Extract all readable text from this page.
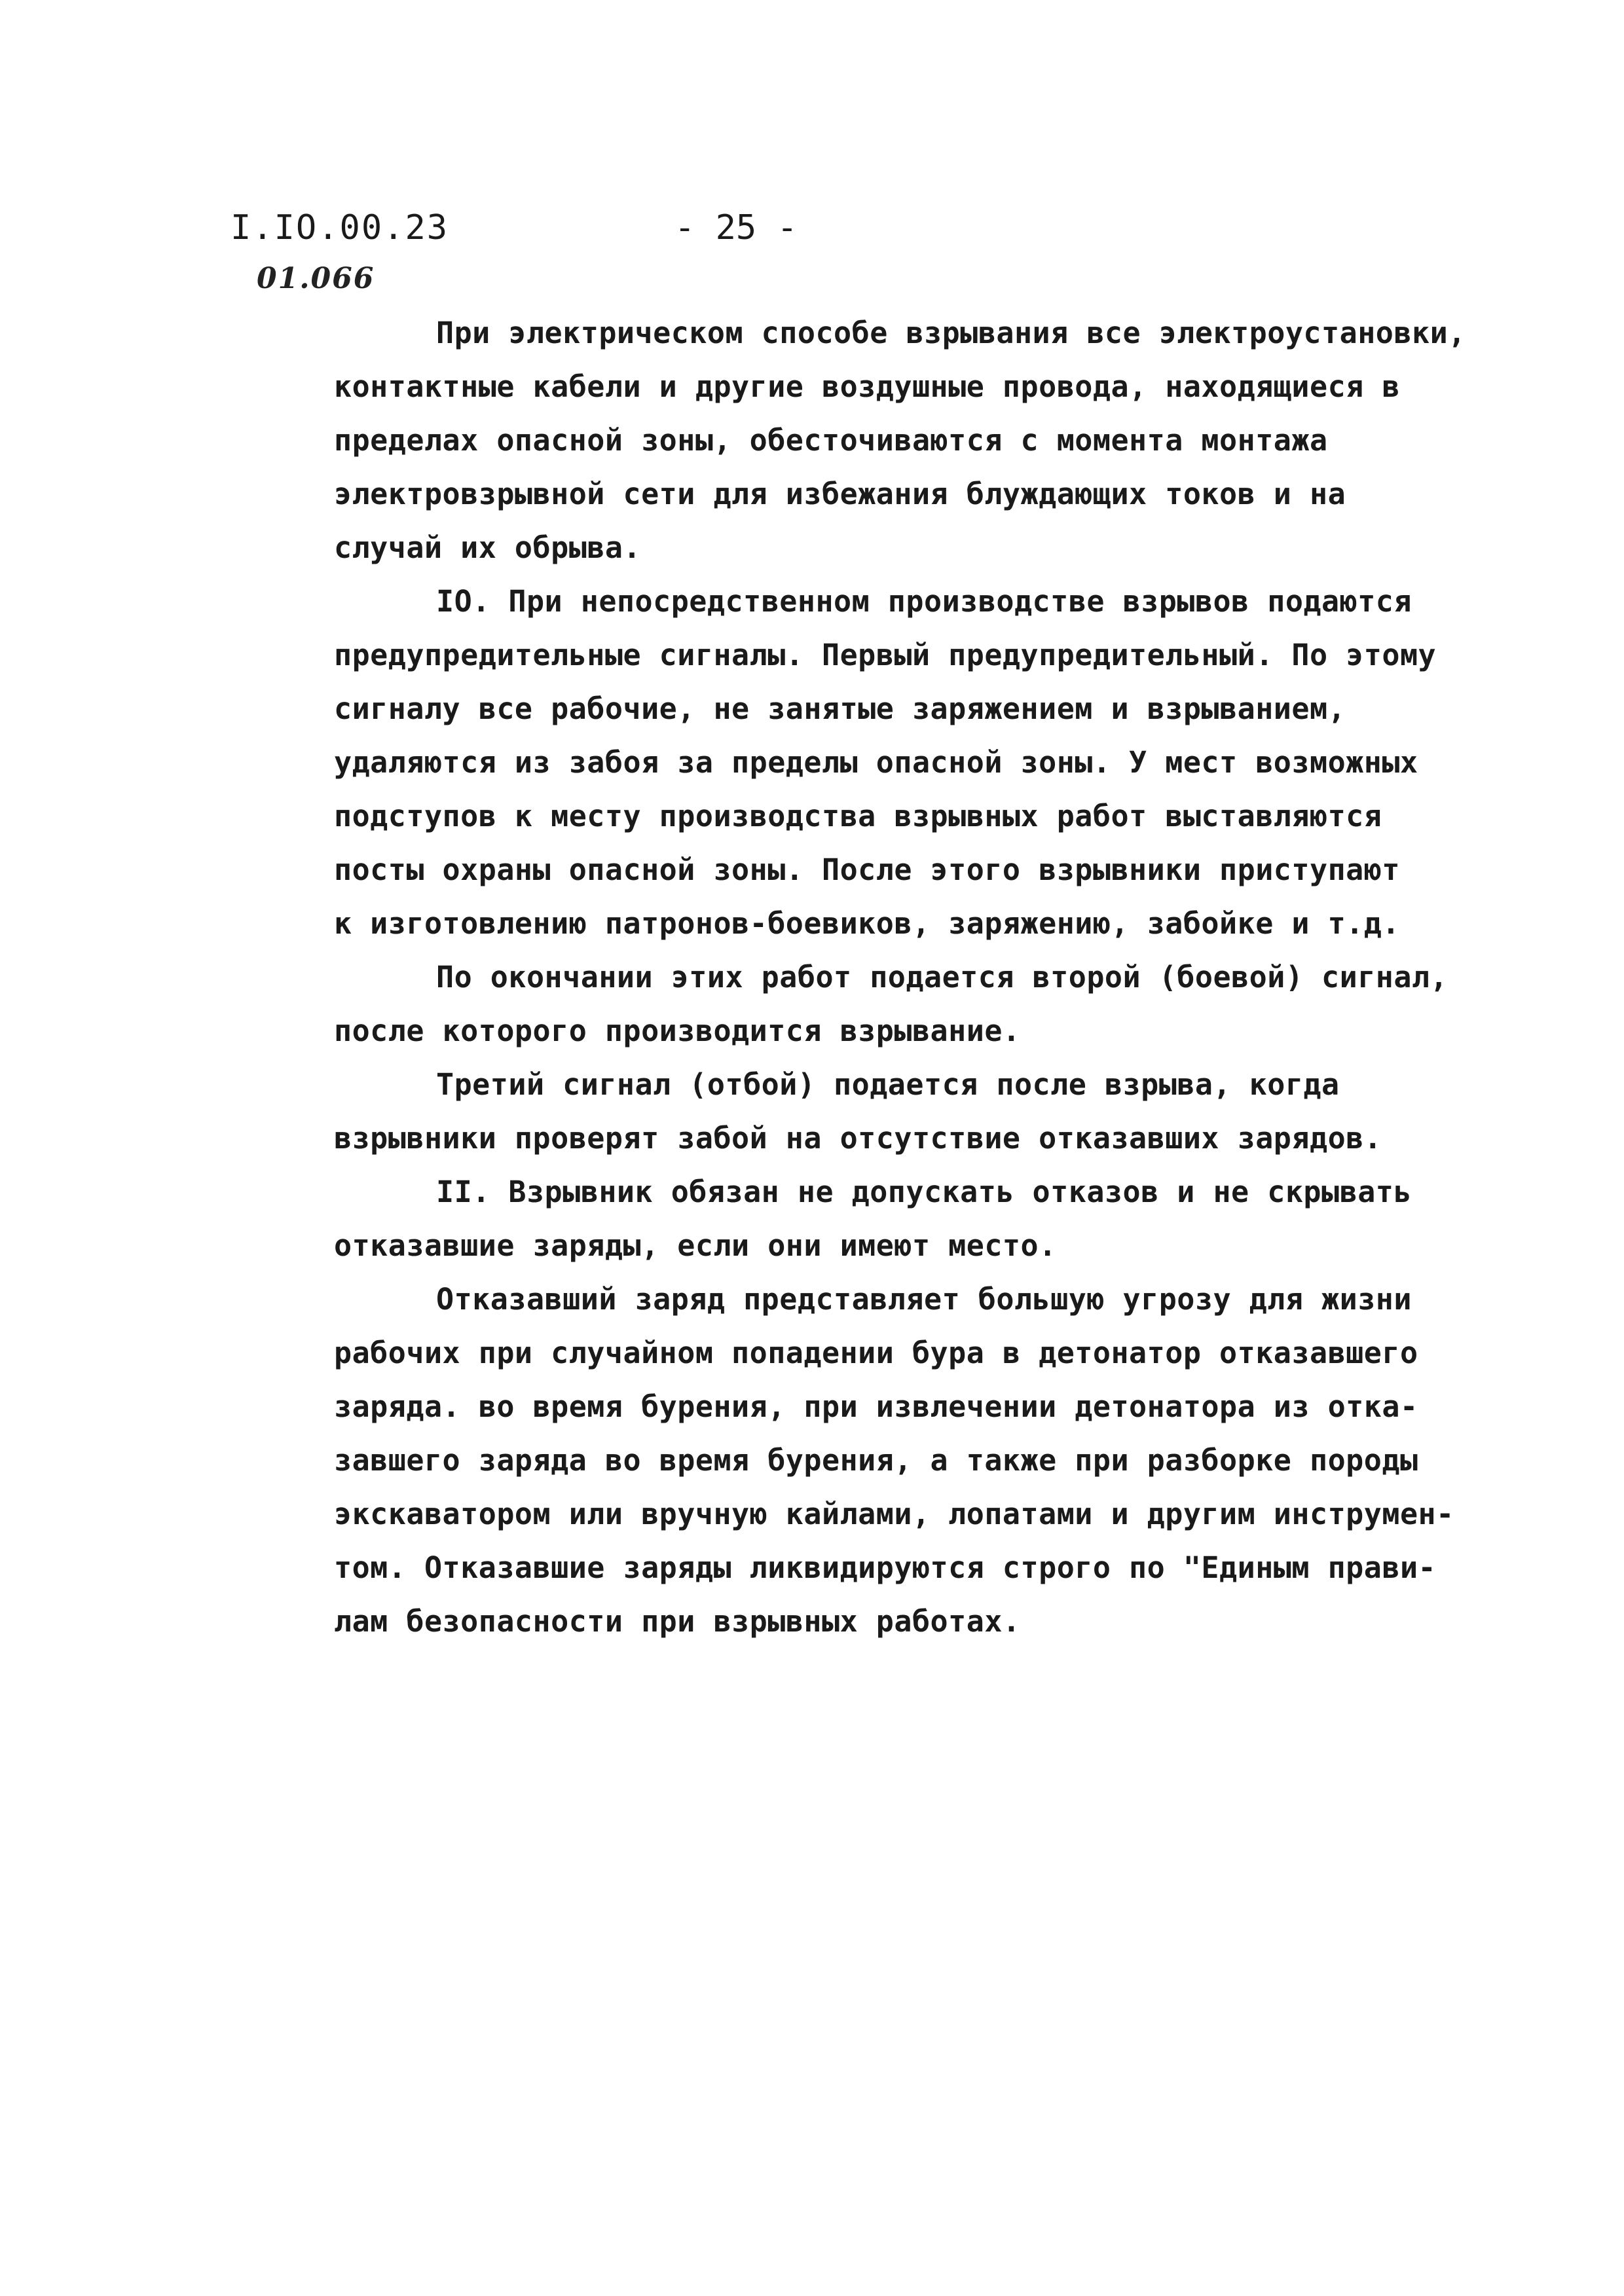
I.IO.00.23
01.066
- 25 -
При электрическом способе взрывания все электроустановки,
контактные кабели и другие воздушные провода, находящиеся в
пределах опасной зоны, обесточиваются с момента монтажа
электровзрывной сети для избежания блуждающих токов и на
случай их обрыва.
IO. При непосредственном производстве взрывов подаются
предупредительные сигналы. Первый предупредительный. По этому
сигналу все рабочие, не занятые заряжением и взрыванием,
удаляются из забоя за пределы опасной зоны. У мест возможных
подступов к месту производства взрывных работ выставляются
посты охраны опасной зоны. После этого взрывники приступают
к изготовлению патронов-боевиков, заряжению, забойке и т.д.
По окончании этих работ подается второй (боевой) сигнал,
после которого производится взрывание.
Третий сигнал (отбой) подается после взрыва, когда
взрывники проверят забой на отсутствие отказавших зарядов.
II. Взрывник обязан не допускать отказов и не скрывать
отказавшие заряды, если они имеют место.
Отказавший заряд представляет большую угрозу для жизни
рабочих при случайном попадении бура в детонатор отказавшего
заряда. во время бурения, при извлечении детонатора из отка-
завшего заряда во время бурения, а также при разборке породы
экскаватором или вручную кайлами, лопатами и другим инструмен-
том. Отказавшие заряды ликвидируются строго по "Единым прави-
лам безопасности при взрывных работах.
